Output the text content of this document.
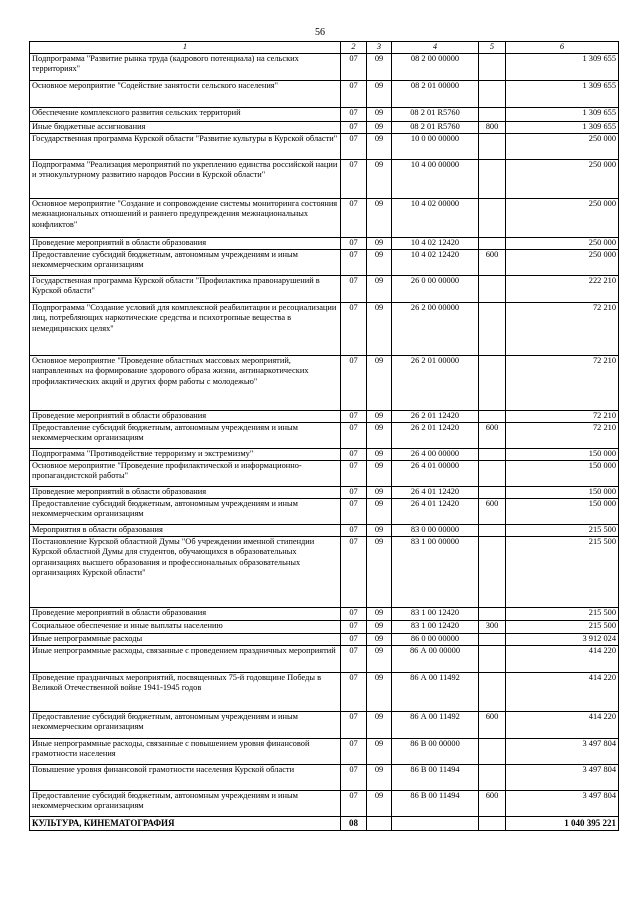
56
1	2	3	4	5	6
Подпрограмма "Развитие рынка труда (кадрового потенциала) на сельских территориях"	07	09	08 2 00 00000		1 309 655
Основное мероприятие "Содействие занятости сельского населения"	07	09	08 2 01 00000		1 309 655
Обеспечение комплексного развития сельских территорий	07	09	08 2 01 R5760		1 309 655
Иные бюджетные ассигнования	07	09	08 2 01 R5760	800	1 309 655
Государственная программа Курской области "Развитие культуры в Курской области"	07	09	10 0 00 00000		250 000
Подпрограмма "Реализация мероприятий по укреплению единства российской нации и этнокультурному развитию народов России в Курской области"	07	09	10 4 00 00000		250 000
Основное мероприятие "Создание и сопровождение системы мониторинга состояния межнациональных отношений и раннего предупреждения межнациональных конфликтов"	07	09	10 4 02 00000		250 000
Проведение мероприятий в области образования	07	09	10 4 02 12420		250 000
Предоставление субсидий бюджетным, автономным учреждениям и иным некоммерческим организациям	07	09	10 4 02 12420	600	250 000
Государственная программа Курской области "Профилактика правонарушений в Курской области"	07	09	26 0 00 00000		222 210
Подпрограмма "Создание условий для комплексной реабилитации и ресоциализации лиц, потребляющих наркотические средства и психотропные вещества в немедицинских целях"	07	09	26 2 00 00000		72 210
Основное мероприятие "Проведение областных массовых мероприятий, направленных на формирование здорового образа жизни, антинаркотических профилактических акций и других форм работы с молодежью"	07	09	26 2 01 00000		72 210
Проведение мероприятий в области образования	07	09	26 2 01 12420		72 210
Предоставление субсидий бюджетным, автономным учреждениям и иным некоммерческим организациям	07	09	26 2 01 12420	600	72 210
Подпрограмма "Противодействие терроризму и экстремизму"	07	09	26 4 00 00000		150 000
Основное мероприятие "Проведение профилактической и информационно-пропагандистской работы"	07	09	26 4 01 00000		150 000
Проведение мероприятий в области образования	07	09	26 4 01 12420		150 000
Предоставление субсидий бюджетным, автономным учреждениям и иным некоммерческим организациям	07	09	26 4 01 12420	600	150 000
Мероприятия в области образования	07	09	83 0 00 00000		215 500
Постановление Курской областной Думы "Об учреждении именной стипендии Курской областной Думы для студентов, обучающихся в образовательных организациях высшего образования и профессиональных образовательных организациях Курской области"	07	09	83 1 00 00000		215 500
Проведение мероприятий в области образования	07	09	83 1 00 12420		215 500
Социальное обеспечение и иные выплаты населению	07	09	83 1 00 12420	300	215 500
Иные непрограммные расходы	07	09	86 0 00 00000		3 912 024
Иные непрограммные расходы, связанные с проведением праздничных мероприятий	07	09	86 А 00 00000		414 220
Проведение праздничных мероприятий, посвященных 75-й годовщине Победы в Великой Отечественной войне 1941-1945 годов	07	09	86 А 00 11492		414 220
Предоставление субсидий бюджетным, автономным учреждениям и иным некоммерческим организациям	07	09	86 А 00 11492	600	414 220
Иные непрограммные расходы, связанные с повышением уровня финансовой грамотности населения	07	09	86 В 00 00000		3 497 804
Повышение уровня финансовой грамотности населения Курской области	07	09	86 В 00 11494		3 497 804
Предоставление субсидий бюджетным, автономным учреждениям и иным некоммерческим организациям	07	09	86 В 00 11494	600	3 497 804
КУЛЬТУРА, КИНЕМАТОГРАФИЯ	08				1 040 395 221
